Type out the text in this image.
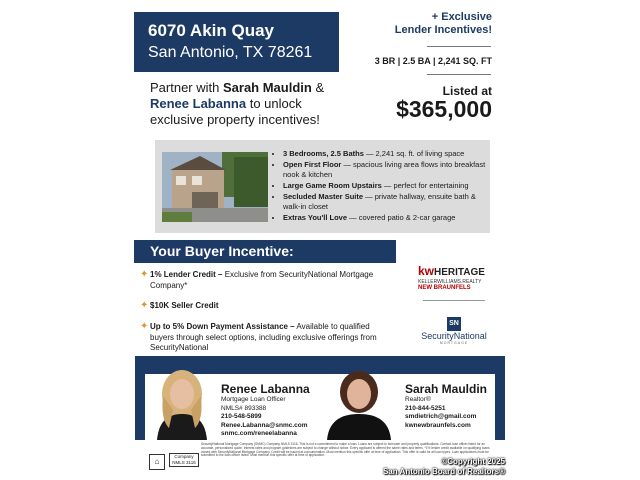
6070 Akin Quay
San Antonio, TX 78261
+ Exclusive
Lender Incentives!
3 BR | 2.5 BA | 2,241 SQ. FT
Listed at
$365,000
Partner with Sarah Mauldin &
Renee Labanna to unlock
exclusive property incentives!
• 3 Bedrooms, 2.5 Baths — 2,241 sq. ft. of living space
• Open First Floor — spacious living area flows into breakfast nook & kitchen
• Large Game Room Upstairs — perfect for entertaining
• Secluded Master Suite — private hallway, ensuite bath & walk-in closet
• Extras You'll Love — covered patio & 2-car garage
Your Buyer Incentive:
✦ 1% Lender Credit – Exclusive from SecurityNational Mortgage Company*
✦ $10K Seller Credit
✦ Up to 5% Down Payment Assistance – Available to qualified buyers through select options, including exclusive offerings from SecurityNational
kwHERITAGE
KELLERWILLIAMS.REALTY
NEW BRAUNFELS
SN
SecurityNational
MORTGAGE
Renee Labanna
Mortgage Loan Officer
NMLS# 893388
210-548-5899
Renee.Labanna@snmc.com
snmc.com/reneelabanna
Sarah Mauldin
Realtor®
210-844-5251
smdietrich@gmail.com
kwnewbraunfels.com
⌂
Company
NMLS 3116
SecurityNational Mortgage Company (SNMC) Company NMLS 3116. This is not a commitment to make a loan. Loans are subject to borrower and property qualifications. Contact loan officer listed for an accurate, personalized quote. Interest rates and program guidelines are subject to change without notice. Every applicant is offered the same rates and terms. *1% lender credit available on qualifying loans closed with SecurityNational Mortgage Company. Credit will be issued at consummation. Must mention this specific offer at time of application. This offer is valid for all loan types. Loan applications must be submitted to the loan officer listed. Must mention this specific offer at time of application.
©Copyright 2025
San Antonio Board of Realtors®
